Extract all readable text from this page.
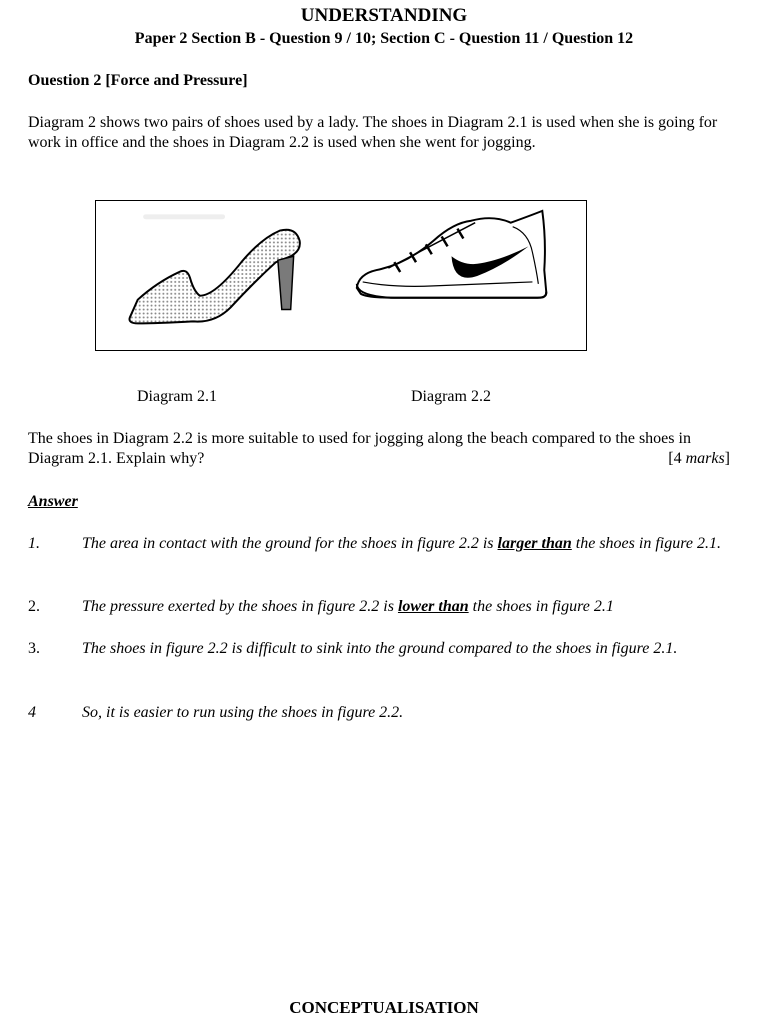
UNDERSTANDING
Paper 2 Section B - Question 9 / 10; Section C - Question 11 / Question 12
Ouestion 2 [Force and Pressure]
Diagram 2 shows two pairs of shoes used by a lady. The shoes in Diagram 2.1 is used when she is going for work in office and the shoes in Diagram 2.2 is used when she went for jogging.
Diagram 2.1	Diagram 2.2
The shoes in Diagram 2.2 is more suitable to used for jogging along the beach compared to the shoes in Diagram 2.1. Explain why?	[4 marks]
Answer
1.	The area in contact with the ground for the shoes in figure 2.2 is larger than the shoes in figure 2.1.
2.	The pressure exerted by the shoes in figure 2.2 is lower than the shoes in figure 2.1
3.	The shoes in figure 2.2 is difficult to sink into the ground compared to the shoes in figure 2.1.
4	So, it is easier to run using the shoes in figure 2.2.
CONCEPTUALISATION
